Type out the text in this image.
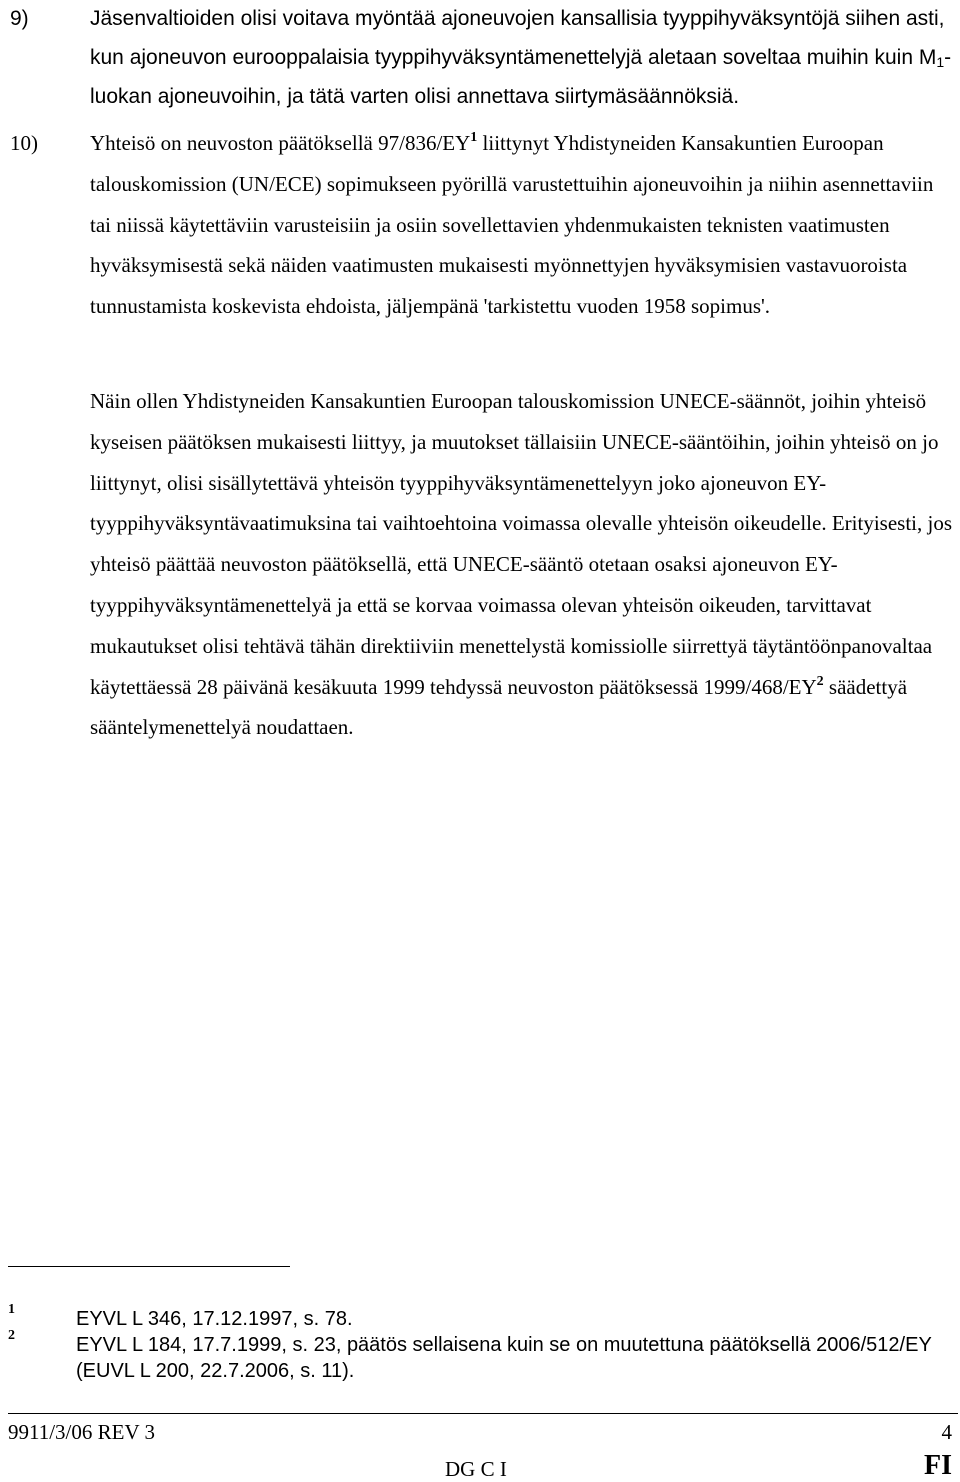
9)	Jäsenvaltioiden olisi voitava myöntää ajoneuvojen kansallisia tyyppihyväksyntöjä siihen asti, kun ajoneuvon eurooppalaisia tyyppihyväksyntämenettelyjä aletaan soveltaa muihin kuin $M_1$-luokan ajoneuvoihin, ja tätä varten olisi annettava siirtymäsäännöksiä.
10) Yhteisö on neuvoston päätöksellä $97/836/EY^1$ liittynyt Yhdistyneiden Kansakuntien Euroopan talouskomission (UN/ECE) sopimukseen pyörillä varustettuihin ajoneuvoihin ja niihin asennettaviin tai niissä käytettäviin varusteisiin ja osiin sovellettavien yhdenmukaisten teknisten vaatimusten hyväksymisestä sekä näiden vaatimusten mukaisesti myönnettyjen hyväksymisien vastavuoroista tunnustamista koskevista ehdoista, jäljempänä 'tarkistettu vuoden 1958 sopimus'.
Näin ollen Yhdistyneiden Kansakuntien Euroopan talouskomission UNECE-säännöt, joihin yhteisö kyseisen päätöksen mukaisesti liittyy, ja muutokset tällaisiin UNECE-sääntöihin, joihin yhteisö on jo liittynyt, olisi sisällytettävä yhteisön tyyppihyväksyntämenettelyyn joko ajoneuvon EY-tyyppihyväksyntävaatimuksina tai vaihtoehtoina voimassa olevalle yhteisön oikeudelle. Erityisesti, jos yhteisö päättää neuvoston päätöksellä, että UNECE-sääntö otetaan osaksi ajoneuvon EY-tyyppihyväksyntämenettelyä ja että se korvaa voimassa olevan yhteisön oikeuden, tarvittavat mukautukset olisi tehtävä tähän direktiiviin menettelystä komissiolle siirrettyä täytäntöönpanovaltaa käytettäessä 28 päivänä kesäkuuta 1999 tehdyssä neuvoston päätöksessä $1999/468/EY^2$ säädettyä sääntelymenettelyä noudattaen.
1	EYVL L 346, 17.12.1997, s. 78.
2	EYVL L 184, 17.7.1999, s. 23, päätös sellaisena kuin se on muutettuna päätöksellä 2006/512/EY (EUVL L 200, 22.7.2006, s. 11).
9911/3/06 REV 3	4
DG C I	FI
